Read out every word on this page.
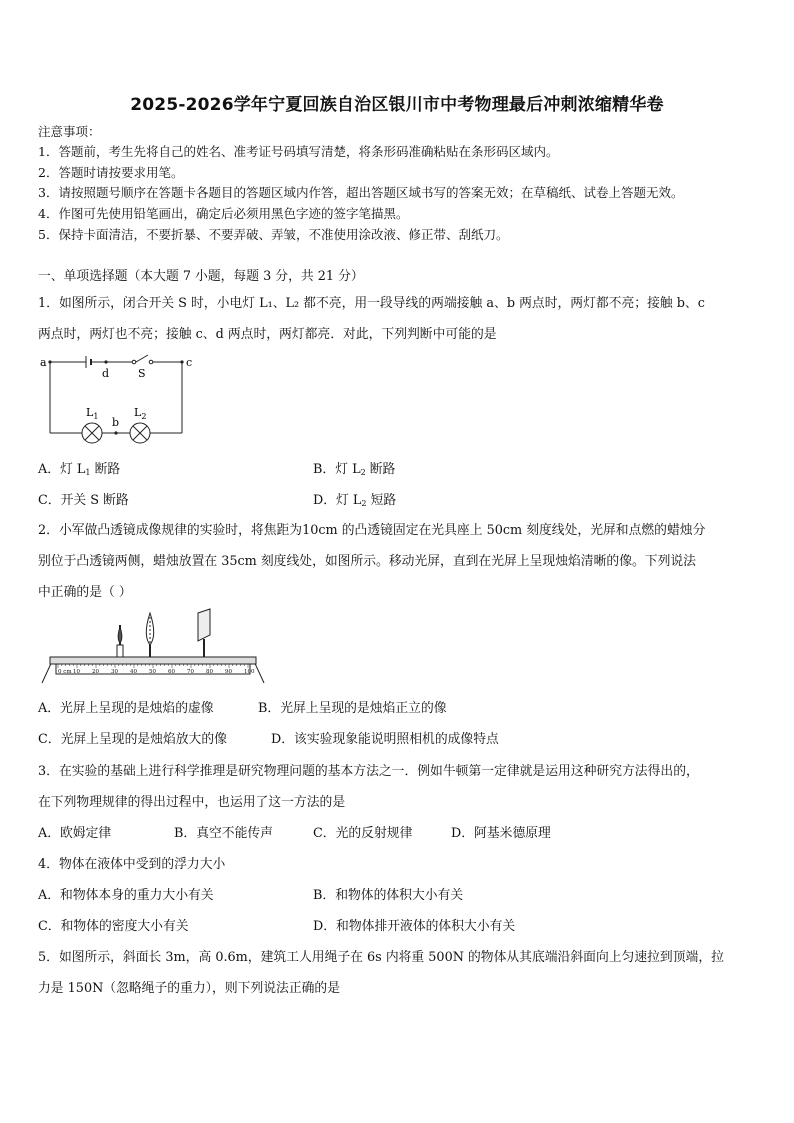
2025-2026学年宁夏回族自治区银川市中考物理最后冲刺浓缩精华卷
注意事项：
1．答题前，考生先将自己的姓名、准考证号码填写清楚，将条形码准确粘贴在条形码区域内。
2．答题时请按要求用笔。
3．请按照题号顺序在答题卡各题目的答题区域内作答，超出答题区域书写的答案无效；在草稿纸、试卷上答题无效。
4．作图可先使用铅笔画出，确定后必须用黑色字迹的签字笔描黑。
5．保持卡面清洁，不要折暴、不要弄破、弄皱，不准使用涂改液、修正带、刮纸刀。
一、单项选择题（本大题 7 小题，每题 3 分，共 21 分）
1．如图所示，闭合开关 S 时，小电灯 L₁、L₂ 都不亮，用一段导线的两端接触 a、b 两点时，两灯都不亮；接触 b、c
两点时，两灯也不亮；接触 c、d 两点时，两灯都亮．对此，下列判断中可能的是
a	c
d	S
b
$L_1$	$L_2$
A．灯 $L_1$ 断路	B．灯 $L_2$ 断路
C．开关 S 断路	D．灯 $L_2$ 短路
2．小军做凸透镜成像规律的实验时，将焦距为10cm 的凸透镜固定在光具座上 50cm 刻度线处，光屏和点燃的蜡烛分
别位于凸透镜两侧，蜡烛放置在 35cm 刻度线处，如图所示。移动光屏，直到在光屏上呈现烛焰清晰的像。下列说法
中正确的是（ ）
0 cm 10 20 30 40 50 60 70 80 90 100
A．光屏上呈现的是烛焰的虚像	B．光屏上呈现的是烛焰正立的像
C．光屏上呈现的是烛焰放大的像	D．该实验现象能说明照相机的成像特点
3．在实验的基础上进行科学推理是研究物理问题的基本方法之一．例如牛顿第一定律就是运用这种研究方法得出的，
在下列物理规律的得出过程中，也运用了这一方法的是
A．欧姆定律	B．真空不能传声	C．光的反射规律	D．阿基米德原理
4．物体在液体中受到的浮力大小
A．和物体本身的重力大小有关	B．和物体的体积大小有关
C．和物体的密度大小有关	D．和物体排开液体的体积大小有关
5．如图所示，斜面长 3m，高 0.6m，建筑工人用绳子在 6s 内将重 500N 的物体从其底端沿斜面向上匀速拉到顶端，拉
力是 150N（忽略绳子的重力），则下列说法正确的是
